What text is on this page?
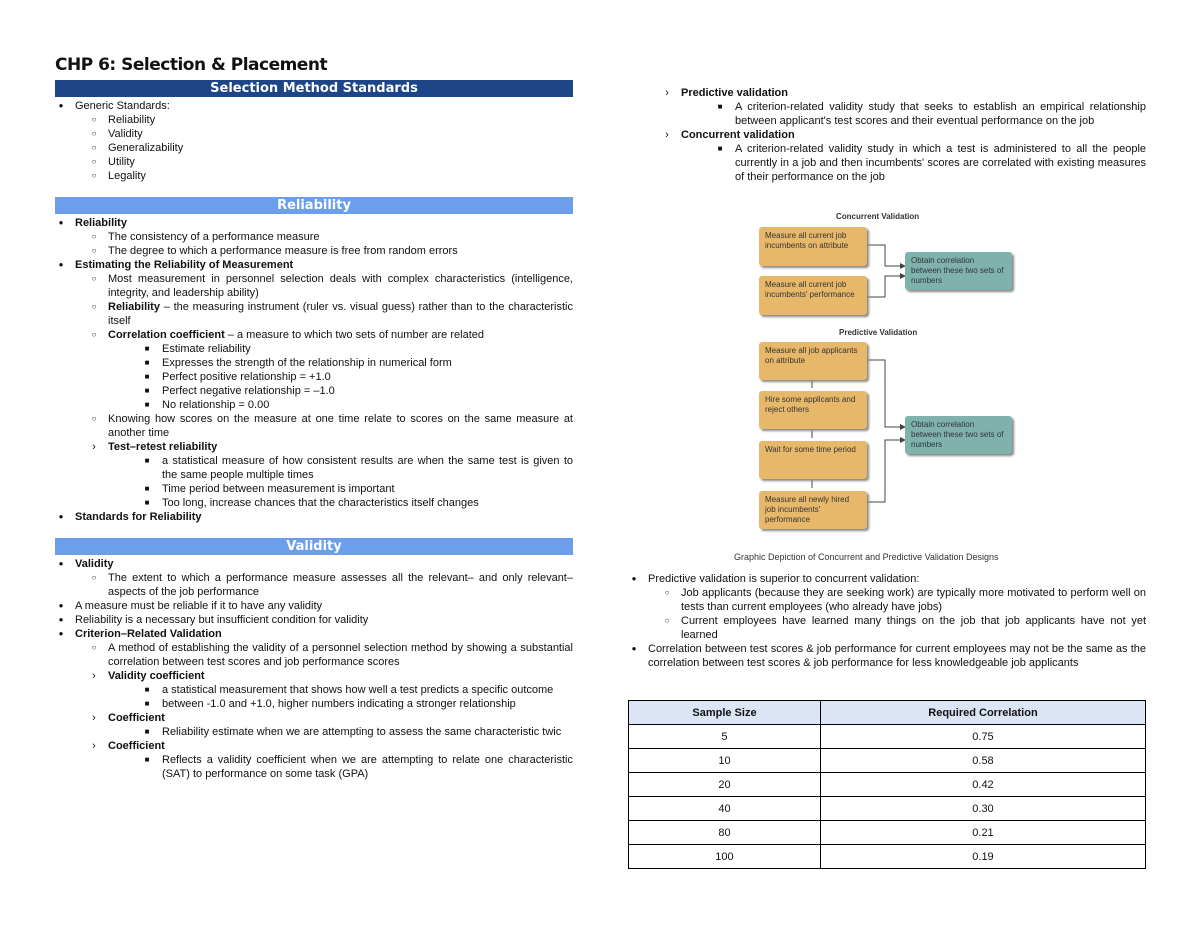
CHP 6: Selection & Placement
Selection Method Standards
●	Generic Standards:
○	Reliability
○	Validity
○	Generalizability
○	Utility
○	Legality
Reliability
●	Reliability
○	The consistency of a performance measure
○	The degree to which a performance measure is free from random errors
●	Estimating the Reliability of Measurement
○	Most measurement in personnel selection deals with complex characteristics (intelligence, integrity, and leadership ability)
○	Reliability – the measuring instrument (ruler vs. visual guess) rather than to the characteristic itself
○	Correlation coefficient – a measure to which two sets of number are related
■	Estimate reliability
■	Expresses the strength of the relationship in numerical form
■	Perfect positive relationship = +1.0
■	Perfect negative relationship = –1.0
■	No relationship = 0.00
○	Knowing how scores on the measure at one time relate to scores on the same measure at another time
›	Test–retest reliability
■	a statistical measure of how consistent results are when the same test is given to the same people multiple times
■	Time period between measurement is important
■	Too long, increase chances that the characteristics itself changes
●	Standards for Reliability
Validity
●	Validity
○	The extent to which a performance measure assesses all the relevant– and only relevant– aspects of the job performance
●	A measure must be reliable if it to have any validity
●	Reliability is a necessary but insufficient condition for validity
●	Criterion–Related Validation
○	A method of establishing the validity of a personnel selection method by showing a substantial correlation between test scores and job performance scores
›	Validity coefficient
■	a statistical measurement that shows how well a test predicts a specific outcome
■	between -1.0 and +1.0, higher numbers indicating a stronger relationship
›	Coefficient
■	Reliability estimate when we are attempting to assess the same characteristic twic
›	Coefficient
■	Reflects a validity coefficient when we are attempting to relate one characteristic (SAT) to performance on some task (GPA)
›	Predictive validation
■	A criterion-related validity study that seeks to establish an empirical relationship between applicant's test scores and their eventual performance on the job
›	Concurrent validation
■	A criterion-related validity study in which a test is administered to all the people currently in a job and then incumbents' scores are correlated with existing measures of their performance on the job
Concurrent Validation
Measure all current job incumbents on attribute
Measure all current job incumbents' performance
Obtain correlation between these two sets of numbers
Predictive Validation
Measure all job applicants on attribute
Hire some applicants and reject others
Wait for some time period
Measure all newly hired job incumbents' performance
Obtain correlation between these two sets of numbers
Graphic Depiction of Concurrent and Predictive Validation Designs
●	Predictive validation is superior to concurrent validation:
○	Job applicants (because they are seeking work) are typically more motivated to perform well on tests than current employees (who already have jobs)
○	Current employees have learned many things on the job that job applicants have not yet learned
●	Correlation between test scores & job performance for current employees may not be the same as the correlation between test scores & job performance for less knowledgeable job applicants
Sample Size	Required Correlation
5	0.75
10	0.58
20	0.42
40	0.30
80	0.21
100	0.19
